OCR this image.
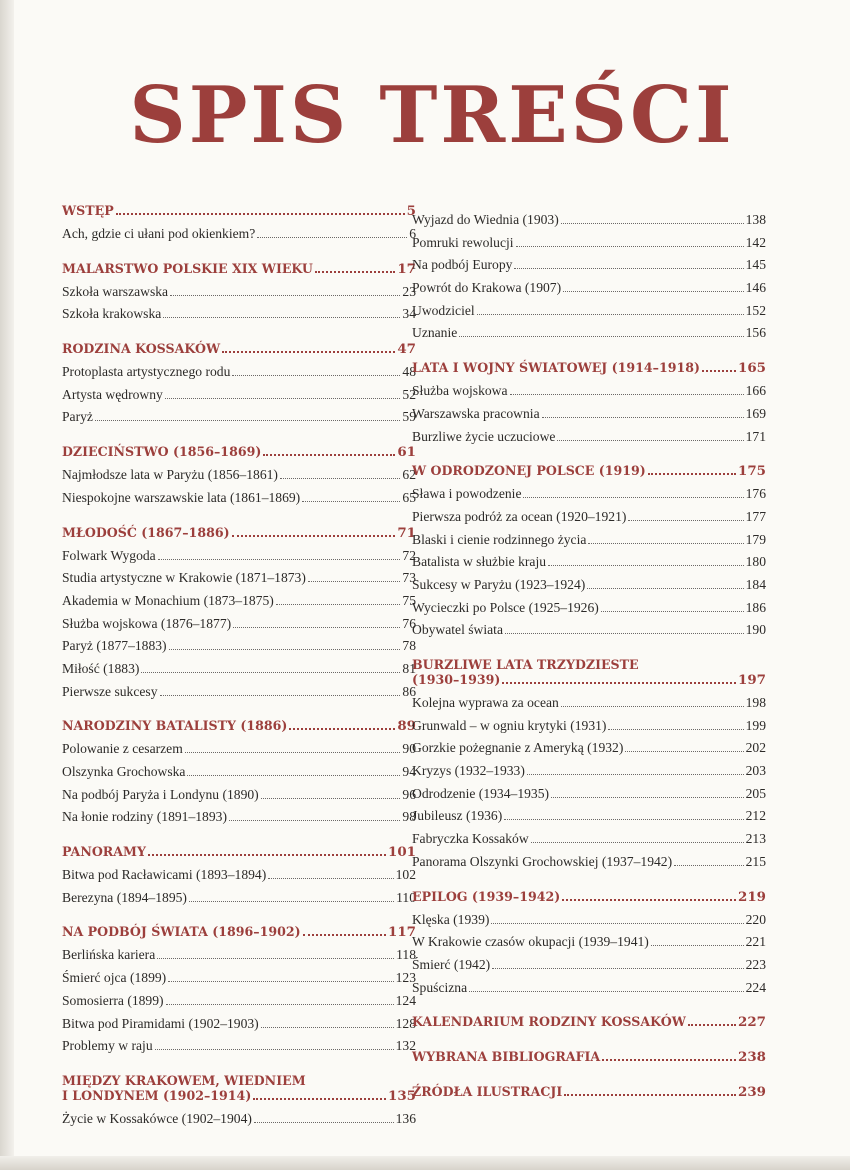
SPIS TREŚCI
WSTĘP	5
Ach, gdzie ci ułani pod okienkiem?	6
MALARSTWO POLSKIE XIX WIEKU	17
Szkoła warszawska	23
Szkoła krakowska	34
RODZINA KOSSAKÓW	47
Protoplasta artystycznego rodu	48
Artysta wędrowny	52
Paryż	59
DZIECIŃSTWO (1856–1869)	61
Najmłodsze lata w Paryżu (1856–1861)	62
Niespokojne warszawskie lata (1861–1869)	65
MŁODOŚĆ (1867–1886)	71
Folwark Wygoda	72
Studia artystyczne w Krakowie (1871–1873)	73
Akademia w Monachium (1873–1875)	75
Służba wojskowa (1876–1877)	76
Paryż (1877–1883)	78
Miłość (1883)	81
Pierwsze sukcesy	86
NARODZINY BATALISTY (1886)	89
Polowanie z cesarzem	90
Olszynka Grochowska	94
Na podbój Paryża i Londynu (1890)	96
Na łonie rodziny (1891–1893)	98
PANORAMY	101
Bitwa pod Racławicami (1893–1894)	102
Berezyna (1894–1895)	110
NA PODBÓJ ŚWIATA (1896–1902)	117
Berlińska kariera	118
Śmierć ojca (1899)	123
Somosierra (1899)	124
Bitwa pod Piramidami (1902–1903)	128
Problemy w raju	132
MIĘDZY KRAKOWEM, WIEDNIEM
I LONDYNEM (1902–1914)	135
Życie w Kossakówce (1902–1904)	136
Wyjazd do Wiednia (1903)	138
Pomruki rewolucji	142
Na podbój Europy	145
Powrót do Krakowa (1907)	146
Uwodziciel	152
Uznanie	156
LATA I WOJNY ŚWIATOWEJ (1914–1918)	165
Służba wojskowa	166
Warszawska pracownia	169
Burzliwe życie uczuciowe	171
W ODRODZONEJ POLSCE (1919)	175
Sława i powodzenie	176
Pierwsza podróż za ocean (1920–1921)	177
Blaski i cienie rodzinnego życia	179
Batalista w służbie kraju	180
Sukcesy w Paryżu (1923–1924)	184
Wycieczki po Polsce (1925–1926)	186
Obywatel świata	190
BURZLIWE LATA TRZYDZIESTE
(1930–1939)	197
Kolejna wyprawa za ocean	198
Grunwald – w ogniu krytyki (1931)	199
Gorzkie pożegnanie z Ameryką (1932)	202
Kryzys (1932–1933)	203
Odrodzenie (1934–1935)	205
Jubileusz (1936)	212
Fabryczka Kossaków	213
Panorama Olszynki Grochowskiej (1937–1942)	215
EPILOG (1939–1942)	219
Klęska (1939)	220
W Krakowie czasów okupacji (1939–1941)	221
Śmierć (1942)	223
Spuścizna	224
KALENDARIUM RODZINY KOSSAKÓW	227
WYBRANA BIBLIOGRAFIA	238
ŹRÓDŁA ILUSTRACJI	239
